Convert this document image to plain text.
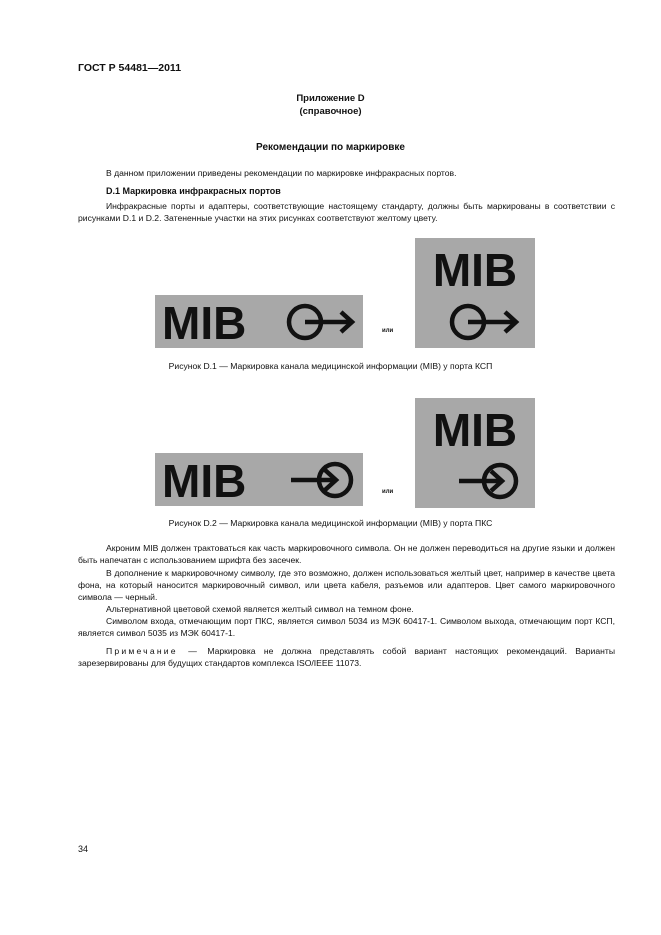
ГОСТ Р 54481—2011
Приложение D
(справочное)
Рекомендации по маркировке

В данном приложении приведены рекомендации по маркировке инфракрасных портов.

D.1 Маркировка инфракрасных портов

Инфракрасные порты и адаптеры, соответствующие настоящему стандарту, должны быть маркированы в соответствии с рисунками D.1 и D.2. Затененные участки на этих рисунках соответствуют желтому цвету.

MIB	или
MIB
Рисунок D.1 — Маркировка канала медицинской информации (MIB) у порта КСП
MIB	или
MIB
Рисунок D.2 — Маркировка канала медицинской информации (MIB) у порта ПКС

Акроним MIB должен трактоваться как часть маркировочного символа. Он не должен переводиться на другие языки и должен быть напечатан с использованием шрифта без засечек.

В дополнение к маркировочному символу, где это возможно, должен использоваться желтый цвет, например в качестве цвета фона, на который наносится маркировочный символ, или цвета кабеля, разъемов или адаптеров. Цвет самого маркировочного символа — черный.

Альтернативной цветовой схемой является желтый символ на темном фоне.

Символом входа, отмечающим порт ПКС, является символ 5034 из МЭК 60417-1. Символом выхода, отмечающим порт КСП, является символ 5035 из МЭК 60417-1.

Примечание — Маркировка не должна представлять собой вариант настоящих рекомендаций. Варианты зарезервированы для будущих стандартов комплекса ISO/IEEE 11073.

34
